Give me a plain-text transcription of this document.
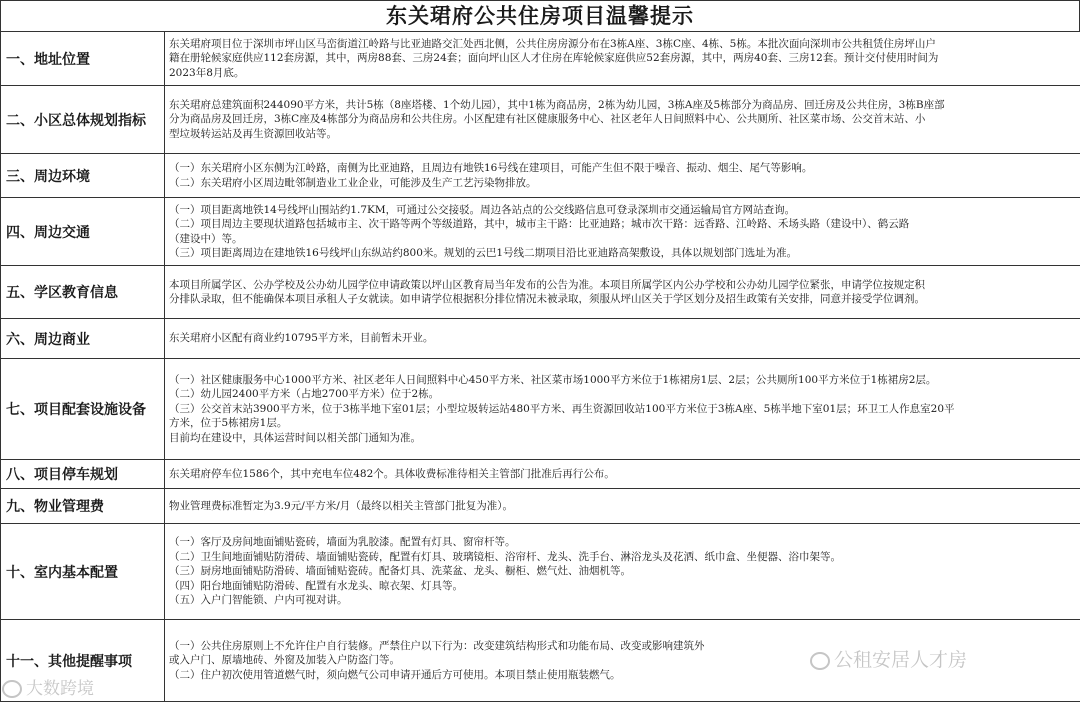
东关珺府公共住房项目温馨提示
一、地址位置	东关珺府项目位于深圳市坪山区马峦街道江岭路与比亚迪路交汇处西北侧，公共住房房源分布在3栋A座、3栋C座、4栋、5栋。本批次面向深圳市公共租赁住房坪山户
籍在册轮候家庭供应112套房源，其中，两房88套、三房24套；面向坪山区人才住房在库轮候家庭供应52套房源，其中，两房40套、三房12套。预计交付使用时间为
2023年8月底。

二、小区总体规划指标	东关珺府总建筑面积244090平方米，共计5栋（8座塔楼、1个幼儿园），其中1栋为商品房，2栋为幼儿园，3栋A座及5栋部分为商品房、回迁房及公共住房，3栋B座部
分为商品房及回迁房，3栋C座及4栋部分为商品房和公共住房。小区配建有社区健康服务中心、社区老年人日间照料中心、公共厕所、社区菜市场、公交首末站、小
型垃圾转运站及再生资源回收站等。

三、周边环境	（一）东关珺府小区东侧为江岭路，南侧为比亚迪路，且周边有地铁16号线在建项目，可能产生但不限于噪音、振动、烟尘、尾气等影响。
（二）东关珺府小区周边毗邻制造业工业企业，可能涉及生产工艺污染物排放。

四、周边交通	（一）项目距离地铁14号线坪山围站约1.7KM，可通过公交接驳。周边各站点的公交线路信息可登录深圳市交通运输局官方网站查询。
（二）项目周边主要现状道路包括城市主、次干路等两个等级道路，其中，城市主干路：比亚迪路；城市次干路：远香路、江岭路、禾场头路（建设中）、鹤云路
（建设中）等。
（三）项目距离周边在建地铁16号线坪山东纵站约800米。规划的云巴1号线二期项目沿比亚迪路高架敷设，具体以规划部门选址为准。

五、学区教育信息	本项目所属学区、公办学校及公办幼儿园学位申请政策以坪山区教育局当年发布的公告为准。本项目所属学区内公办学校和公办幼儿园学位紧张，申请学位按规定积
分排队录取，但不能确保本项目承租人子女就读。如申请学位根据积分排位情况未被录取，须服从坪山区关于学区划分及招生政策有关安排，同意并接受学位调剂。

六、周边商业	东关珺府小区配有商业约10795平方米，目前暂未开业。

七、项目配套设施设备	（一）社区健康服务中心1000平方米、社区老年人日间照料中心450平方米、社区菜市场1000平方米位于1栋裙房1层、2层；公共厕所100平方米位于1栋裙房2层。
（二）幼儿园2400平方米（占地2700平方米）位于2栋。
（三）公交首末站3900平方米，位于3栋半地下室01层；小型垃圾转运站480平方米、再生资源回收站100平方米位于3栋A座、5栋半地下室01层；环卫工人作息室20平
方米，位于5栋裙房1层。
目前均在建设中，具体运营时间以相关部门通知为准。

八、项目停车规划	东关珺府停车位1586个，其中充电车位482个。具体收费标准待相关主管部门批准后再行公布。

九、物业管理费	物业管理费标准暂定为3.9元/平方米/月（最终以相关主管部门批复为准）。

十、室内基本配置	（一）客厅及房间地面铺贴瓷砖，墙面为乳胶漆。配置有灯具、窗帘杆等。
（二）卫生间地面铺贴防滑砖、墙面铺贴瓷砖，配置有灯具、玻璃镜柜、浴帘杆、龙头、洗手台、淋浴龙头及花洒、纸巾盒、坐便器、浴巾架等。
（三）厨房地面铺贴防滑砖、墙面铺贴瓷砖。配备灯具、洗菜盆、龙头、橱柜、燃气灶、油烟机等。
（四）阳台地面铺贴防滑砖、配置有水龙头、晾衣架、灯具等。
（五）入户门智能锁、户内可视对讲。

十一、其他提醒事项	（一）公共住房原则上不允许住户自行装修。严禁住户以下行为：改变建筑结构形式和功能布局、改变或影响建筑外
或入户门、原墙地砖、外窗及加装入户防盗门等。
（二）住户初次使用管道燃气时，须向燃气公司申请开通后方可使用。本项目禁止使用瓶装燃气。
公租安居人才房
大数跨境
